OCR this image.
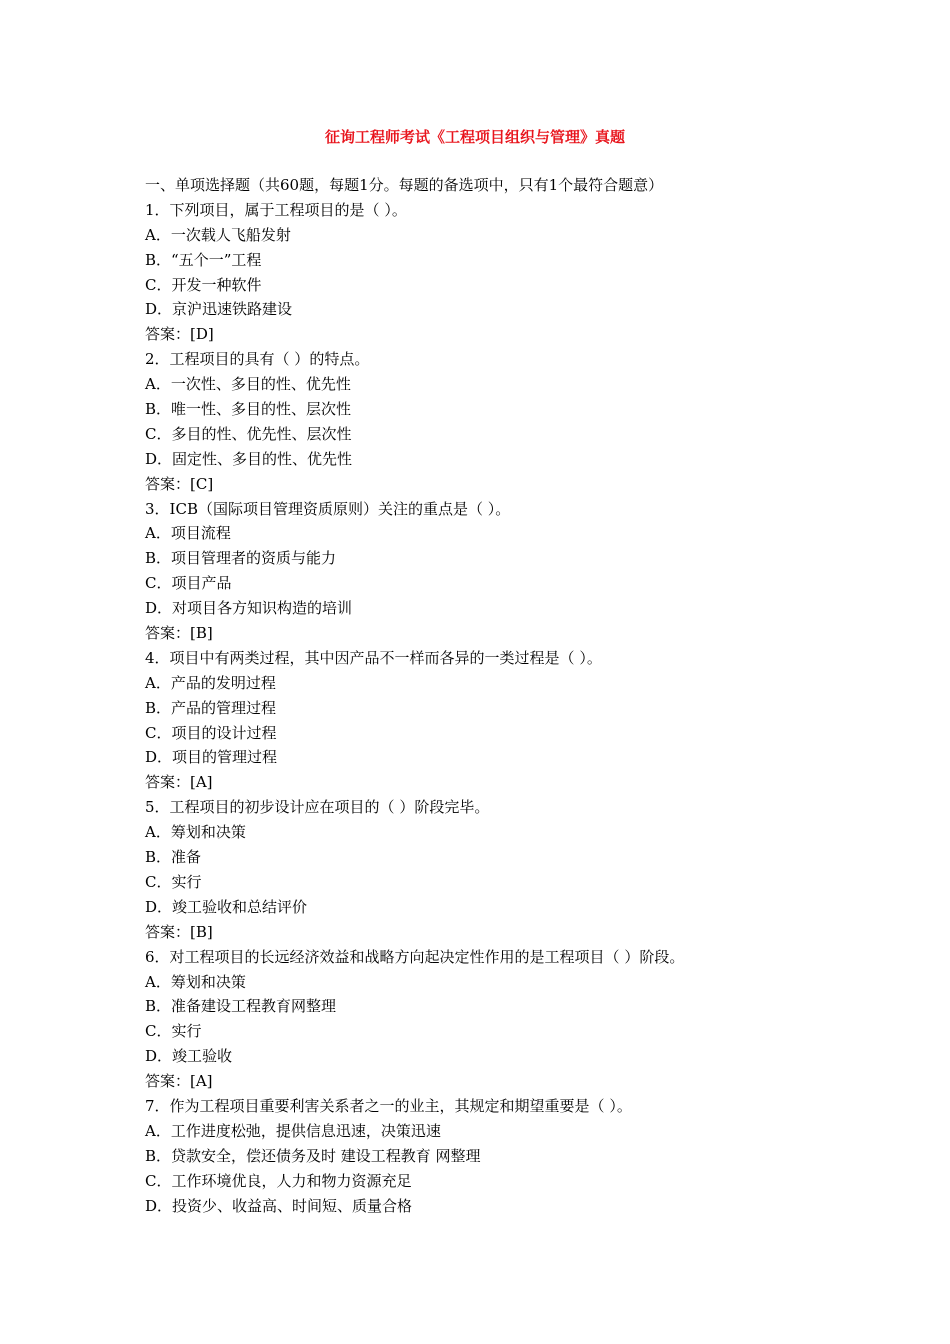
征询工程师考试《工程项目组织与管理》真题
一、单项选择题（共60题，每题1分。每题的备选项中，只有1个最符合题意）
1．下列项目，属于工程项目的是（ ）。
A．一次载人飞船发射
B．“五个一”工程
C．开发一种软件
D．京沪迅速铁路建设
答案：[D]
2．工程项目的具有（ ）的特点。
A．一次性、多目的性、优先性
B．唯一性、多目的性、层次性
C．多目的性、优先性、层次性
D．固定性、多目的性、优先性
答案：[C]
3．ICB（国际项目管理资质原则）关注的重点是（ ）。
A．项目流程
B．项目管理者的资质与能力
C．项目产品
D．对项目各方知识构造的培训
答案：[B]
4．项目中有两类过程，其中因产品不一样而各异的一类过程是（ ）。
A．产品的发明过程
B．产品的管理过程
C．项目的设计过程
D．项目的管理过程
答案：[A]
5．工程项目的初步设计应在项目的（ ）阶段完毕。
A．筹划和决策
B．准备
C．实行
D．竣工验收和总结评价
答案：[B]
6．对工程项目的长远经济效益和战略方向起决定性作用的是工程项目（ ）阶段。
A．筹划和决策
B．准备建设工程教育网整理
C．实行
D．竣工验收
答案：[A]
7．作为工程项目重要利害关系者之一的业主，其规定和期望重要是（ ）。
A．工作进度松弛，提供信息迅速，决策迅速
B．贷款安全，偿还债务及时 建设工程教育 网整理
C．工作环境优良，人力和物力资源充足
D．投资少、收益高、时间短、质量合格
